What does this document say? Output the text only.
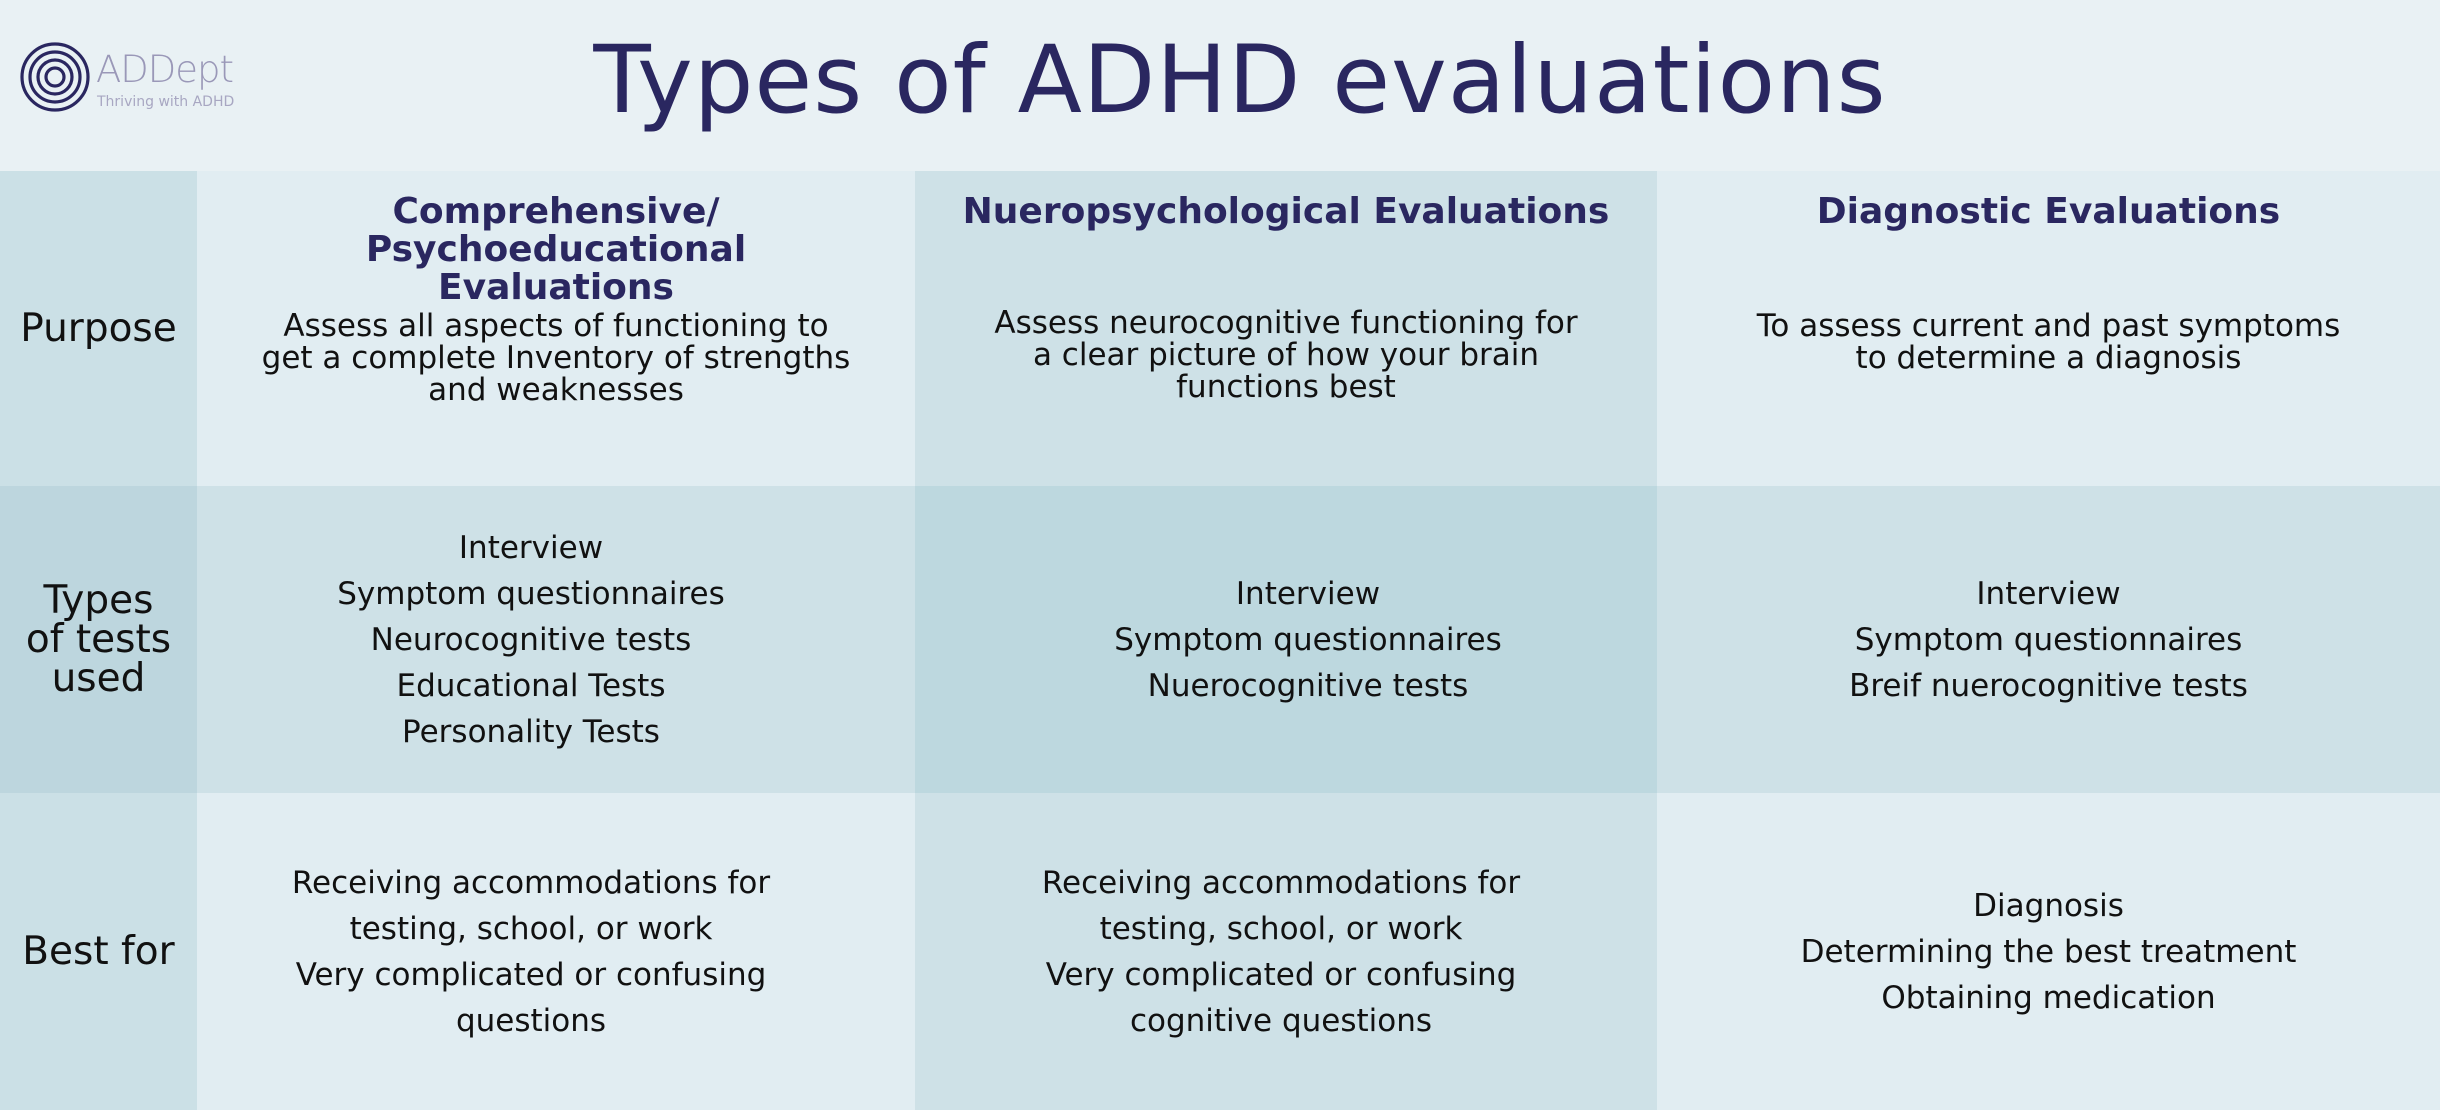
ADDept
Thriving with ADHD	Types of ADHD evaluations
Purpose
Comprehensive/ Psychoeducational
Evaluations
Assess all aspects of functioning to
get a complete Inventory of strengths
and weaknesses
Nueropsychological Evaluations
Assess neurocognitive functioning for
a clear picture of how your brain
functions best
Diagnostic Evaluations
To assess current and past symptoms
to determine a diagnosis
Types
of tests
used
Interview
Symptom questionnaires
Neurocognitive tests
Educational Tests
Personality Tests
Interview
Symptom questionnaires
Nuerocognitive tests
Interview
Symptom questionnaires
Breif nuerocognitive tests
Best for
Receiving accommodations for
testing, school, or work
Very complicated or confusing
questions
Receiving accommodations for
testing, school, or work
Very complicated or confusing
cognitive questions
Diagnosis
Determining the best treatment
Obtaining medication
